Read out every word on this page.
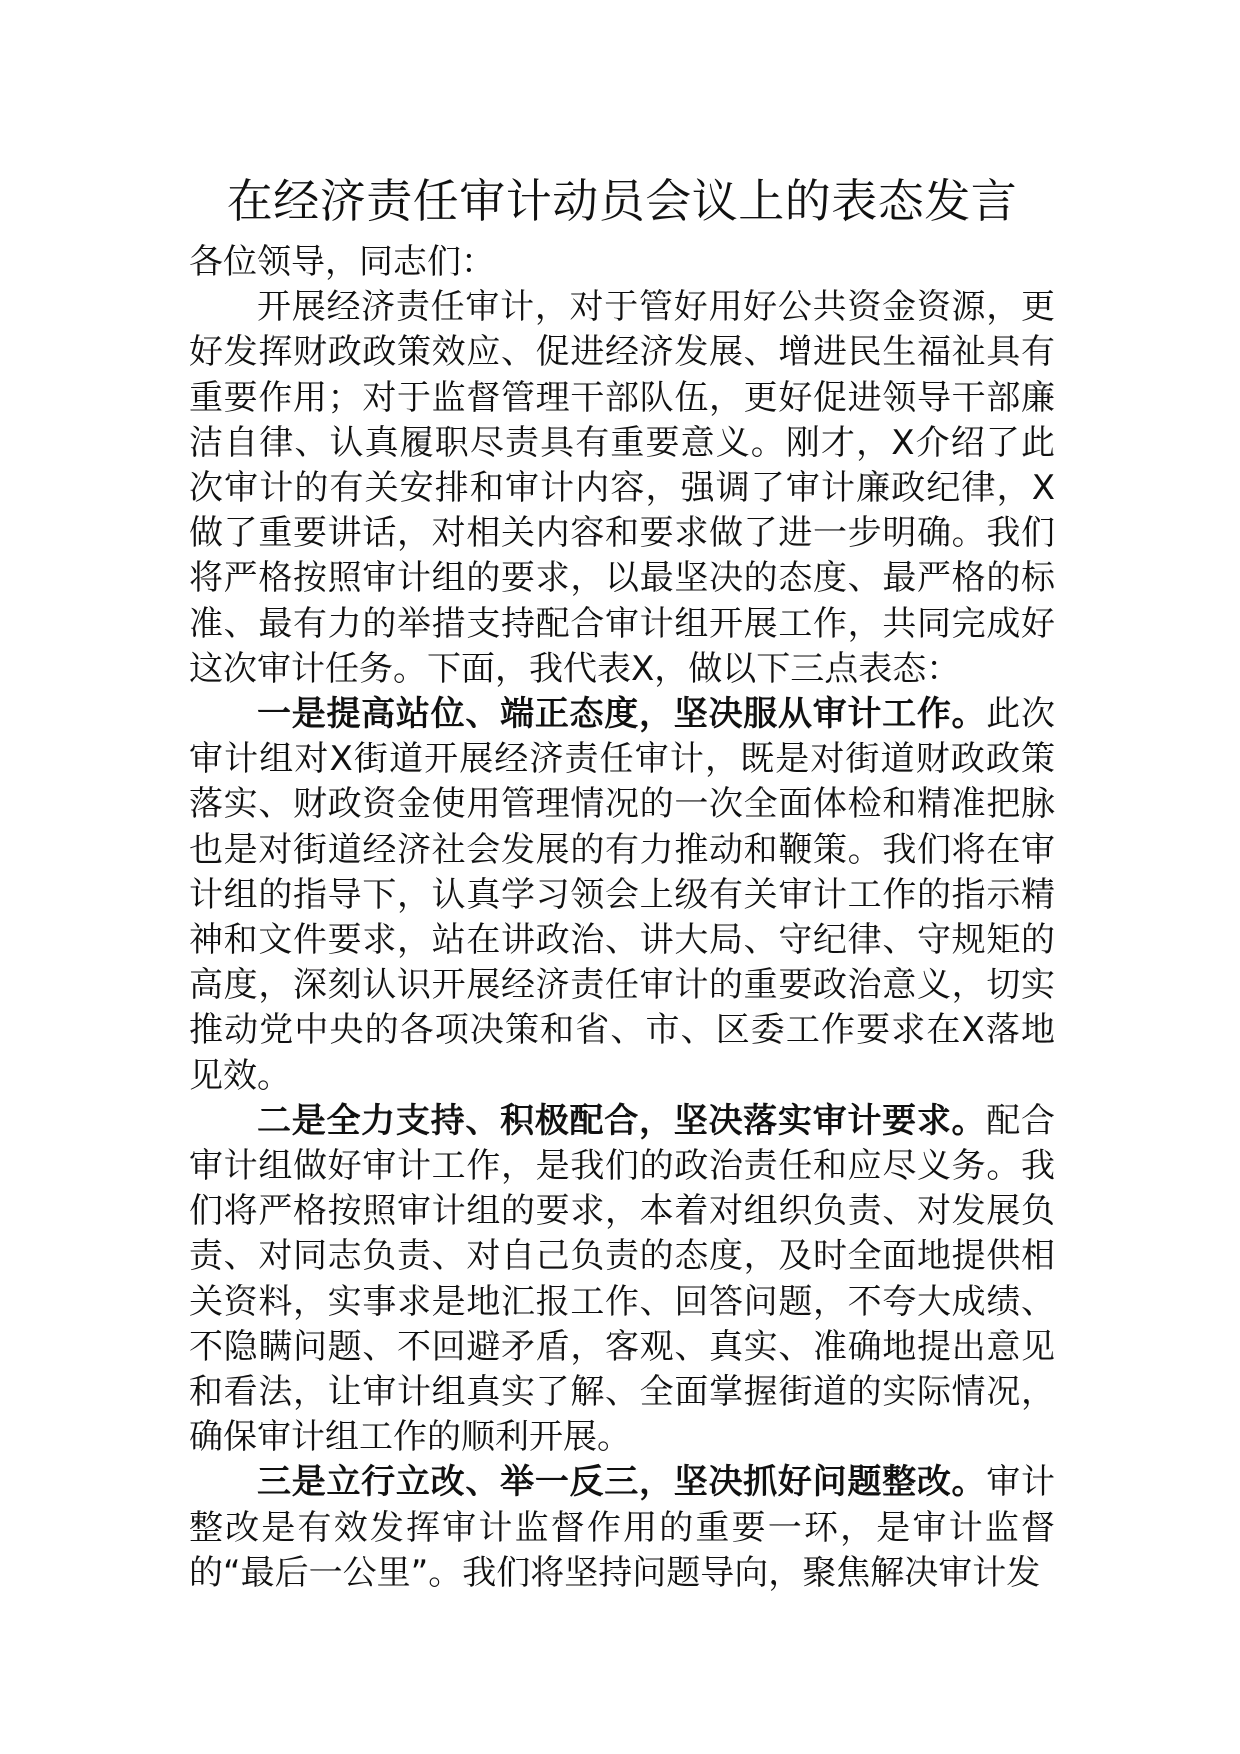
在经济责任审计动员会议上的表态发言

各位领导，同志们：

开展经济责任审计，对于管好用好公共资金资源，更好发挥财政政策效应、促进经济发展、增进民生福祉具有重要作用；对于监督管理干部队伍，更好促进领导干部廉洁自律、认真履职尽责具有重要意义。刚才，X介绍了此次审计的有关安排和审计内容，强调了审计廉政纪律，X做了重要讲话，对相关内容和要求做了进一步明确。我们将严格按照审计组的要求，以最坚决的态度、最严格的标准、最有力的举措支持配合审计组开展工作，共同完成好这次审计任务。下面，我代表X，做以下三点表态：

一是提高站位、端正态度，坚决服从审计工作。此次审计组对X街道开展经济责任审计，既是对街道财政政策落实、财政资金使用管理情况的一次全面体检和精准把脉也是对街道经济社会发展的有力推动和鞭策。我们将在审计组的指导下，认真学习领会上级有关审计工作的指示精神和文件要求，站在讲政治、讲大局、守纪律、守规矩的高度，深刻认识开展经济责任审计的重要政治意义，切实推动党中央的各项决策和省、市、区委工作要求在X落地见效。

二是全力支持、积极配合，坚决落实审计要求。配合审计组做好审计工作，是我们的政治责任和应尽义务。我们将严格按照审计组的要求，本着对组织负责、对发展负责、对同志负责、对自己负责的态度，及时全面地提供相关资料，实事求是地汇报工作、回答问题，不夸大成绩、不隐瞒问题、不回避矛盾，客观、真实、准确地提出意见和看法，让审计组真实了解、全面掌握街道的实际情况，确保审计组工作的顺利开展。

三是立行立改、举一反三，坚决抓好问题整改。审计整改是有效发挥审计监督作用的重要一环，是审计监督的“最后一公里”。我们将坚持问题导向，聚焦解决审计发
